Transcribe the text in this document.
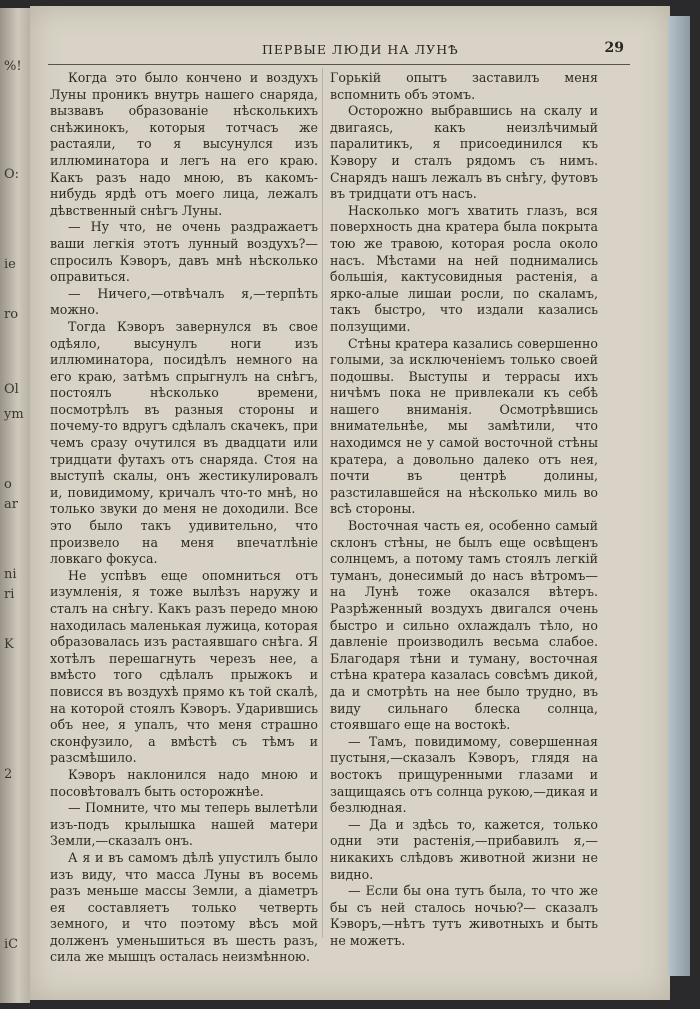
%!
O:
ie
ro
Ol
ym
o
ar
ni
ri
K
2
iC
ПЕРВЫЕ ЛЮДИ НА ЛУНѢ	29

Когда это было кончено и воздухъ Луны проникъ внутрь нашего снаряда, вызвавъ образованіе нѣсколькихъ снѣжинокъ, которыя тотчасъ же растаяли, то я высунулся изъ иллюминатора и легъ на его краю. Какъ разъ надо мною, въ какомъ-нибудь ярдѣ отъ моего лица, лежалъ дѣвственный снѣгъ Луны.

— Ну что, не очень раздражаетъ ваши легкія этотъ лунный воздухъ?— спросилъ Кэворъ, давъ мнѣ нѣсколько оправиться.

— Ничего,—отвѣчалъ я,—терпѣть можно.

Тогда Кэворъ завернулся въ свое одѣяло, высунулъ ноги изъ иллюминатора, посидѣлъ немного на его краю, затѣмъ спрыгнулъ на снѣгъ, постоялъ нѣсколько времени, посмотрѣлъ въ разныя стороны и почему-то вдругъ сдѣлалъ скачекъ, при чемъ сразу очутился въ двадцати или тридцати футахъ отъ снаряда. Стоя на выступѣ скалы, онъ жестикулировалъ и, повидимому, кричалъ что-то мнѣ, но только звуки до меня не доходили. Все это было такъ удивительно, что произвело на меня впечатлѣніе ловкаго фокуса.

Не успѣвъ еще опомниться отъ изумленія, я тоже вылѣзъ наружу и сталъ на снѣгу. Какъ разъ передо мною находилась маленькая лужица, которая образовалась изъ растаявшаго снѣга. Я хотѣлъ перешагнуть черезъ нее, а вмѣсто того сдѣлалъ прыжокъ и повисся въ воздухѣ прямо къ той скалѣ, на которой стоялъ Кэворъ. Ударившись объ нее, я упалъ, что меня страшно сконфузило, а вмѣстѣ съ тѣмъ и разсмѣшило.

Кэворъ наклонился надо мною и посовѣтовалъ быть осторожнѣе.

— Помните, что мы теперь вылетѣли изъ-подъ крылышка нашей матери Земли,—сказалъ онъ.

А я и въ самомъ дѣлѣ упустилъ было изъ виду, что масса Луны въ восемь разъ меньше массы Земли, а діаметръ ея составляетъ только четверть земного, и что поэтому вѣсъ мой долженъ уменьшиться въ шесть разъ, сила же мышцъ осталась неизмѣнною.

Горькій опытъ заставилъ меня вспомнить объ этомъ.

Осторожно выбравшись на скалу и двигаясь, какъ неизлѣчимый паралитикъ, я присоединился къ Кэвору и сталъ рядомъ съ нимъ. Снарядъ нашъ лежалъ въ снѣгу, футовъ въ тридцати отъ насъ.

Насколько могъ хватить глазъ, вся поверхность дна кратера была покрыта тою же травою, которая росла около насъ. Мѣстами на ней поднимались большія, кактусовидныя растенія, а ярко-алые лишаи росли, по скаламъ, такъ быстро, что издали казались ползущими.

Стѣны кратера казались совершенно голыми, за исключеніемъ только своей подошвы. Выступы и террасы ихъ ничѣмъ пока не привлекали къ себѣ нашего вниманія. Осмотрѣвшись внимательнѣе, мы замѣтили, что находимся не у самой восточной стѣны кратера, а довольно далеко отъ нея, почти въ центрѣ долины, разстилавшейся на нѣсколько миль во всѣ стороны.

Восточная часть ея, особенно самый склонъ стѣны, не былъ еще освѣщенъ солнцемъ, а потому тамъ стоялъ легкій туманъ, донесимый до насъ вѣтромъ—на Лунѣ тоже оказался вѣтеръ. Разрѣженный воздухъ двигался очень быстро и сильно охлаждалъ тѣло, но давленіе производилъ весьма слабое. Благодаря тѣни и туману, восточная стѣна кратера казалась совсѣмъ дикой, да и смотрѣть на нее было трудно, въ виду сильнаго блеска солнца, стоявшаго еще на востокѣ.

— Тамъ, повидимому, совершенная пустыня,—сказалъ Кэворъ, глядя на востокъ прищуренными глазами и защищаясь отъ солнца рукою,—дикая и безлюдная.

— Да и здѣсь то, кажется, только одни эти растенія,—прибавилъ я,— никакихъ слѣдовъ животной жизни не видно.

— Если бы она тутъ была, то что же бы съ ней сталось ночью?— сказалъ Кэворъ,—нѣтъ тутъ животныхъ и быть не можетъ.
